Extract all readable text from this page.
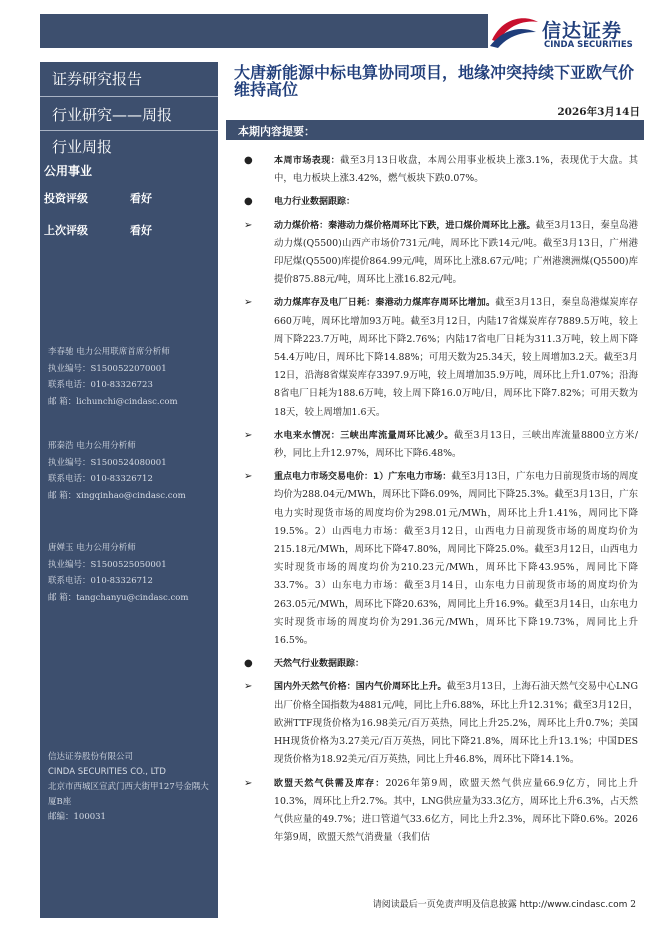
信达证券
CINDA SECURITIES
证券研究报告
行业研究——周报
行业周报
公用事业
投资评级	看好
上次评级	看好
李春驰 电力公用联席首席分析师
执业编号：S1500522070001
联系电话：010-83326723
邮 箱：lichunchi@cindasc.com
邢秦浩 电力公用分析师
执业编号：S1500524080001
联系电话：010-83326712
邮 箱：xingqinhao@cindasc.com
唐婵玉 电力公用分析师
执业编号：S1500525050001
联系电话：010-83326712
邮 箱：tangchanyu@cindasc.com
信达证券股份有限公司
CINDA SECURITIES CO., LTD
北京市西城区宣武门西大街甲127号金隅大厦B座
邮编：100031
大唐新能源中标电算协同项目，地缘冲突持续下亚欧气价维持高位
2026年3月14日
本期内容提要：
● 本周市场表现：截至3月13日收盘，本周公用事业板块上涨3.1%，表现优于大盘。其中，电力板块上涨3.42%，燃气板块下跌0.07%。
● 电力行业数据跟踪：
➢ 动力煤价格：秦港动力煤价格周环比下跌，进口煤价周环比上涨。截至3月13日，秦皇岛港动力煤(Q5500)山西产市场价731元/吨，周环比下跌14元/吨。截至3月13日，广州港印尼煤(Q5500)库提价864.99元/吨，周环比上涨8.67元/吨；广州港澳洲煤(Q5500)库提价875.88元/吨，周环比上涨16.82元/吨。
➢ 动力煤库存及电厂日耗：秦港动力煤库存周环比增加。截至3月13日，秦皇岛港煤炭库存660万吨，周环比增加93万吨。截至3月12日，内陆17省煤炭库存7889.5万吨，较上周下降223.7万吨，周环比下降2.76%；内陆17省电厂日耗为311.3万吨，较上周下降54.4万吨/日，周环比下降14.88%；可用天数为25.34天，较上周增加3.2天。截至3月12日，沿海8省煤炭库存3397.9万吨，较上周增加35.9万吨，周环比上升1.07%；沿海8省电厂日耗为188.6万吨，较上周下降16.0万吨/日，周环比下降7.82%；可用天数为18天，较上周增加1.6天。
➢ 水电来水情况：三峡出库流量周环比减少。截至3月13日，三峡出库流量8800立方米/秒，同比上升12.97%，周环比下降6.48%。
➢ 重点电力市场交易电价：1）广东电力市场：截至3月13日，广东电力日前现货市场的周度均价为288.04元/MWh，周环比下降6.09%，周同比下降25.3%。截至3月13日，广东电力实时现货市场的周度均价为298.01元/MWh，周环比上升1.41%，周同比下降19.5%。2）山西电力市场：截至3月12日，山西电力日前现货市场的周度均价为215.18元/MWh，周环比下降47.80%，周同比下降25.0%。截至3月12日，山西电力实时现货市场的周度均价为210.23元/MWh，周环比下降43.95%，周同比下降33.7%。3）山东电力市场：截至3月14日，山东电力日前现货市场的周度均价为263.05元/MWh，周环比下降20.63%，周同比上升16.9%。截至3月14日，山东电力实时现货市场的周度均价为291.36元/MWh，周环比下降19.73%，周同比上升16.5%。
● 天然气行业数据跟踪：
➢ 国内外天然气价格：国内气价周环比上升。截至3月13日，上海石油天然气交易中心LNG出厂价格全国指数为4881元/吨，同比上升6.88%，环比上升12.31%；截至3月12日，欧洲TTF现货价格为16.98美元/百万英热，同比上升25.2%，周环比上升0.7%；美国HH现货价格为3.27美元/百万英热，同比下降21.8%，周环比上升13.1%；中国DES现货价格为18.92美元/百万英热，同比上升46.8%，周环比下降14.1%。
➢ 欧盟天然气供需及库存：2026年第9周，欧盟天然气供应量66.9亿方，同比上升10.3%，周环比上升2.7%。其中，LNG供应量为33.3亿方，周环比上升6.3%，占天然气供应量的49.7%；进口管道气33.6亿方，同比上升2.3%，周环比下降0.6%。2026年第9周，欧盟天然气消费量（我们估
请阅读最后一页免责声明及信息披露 http://www.cindasc.com 2
